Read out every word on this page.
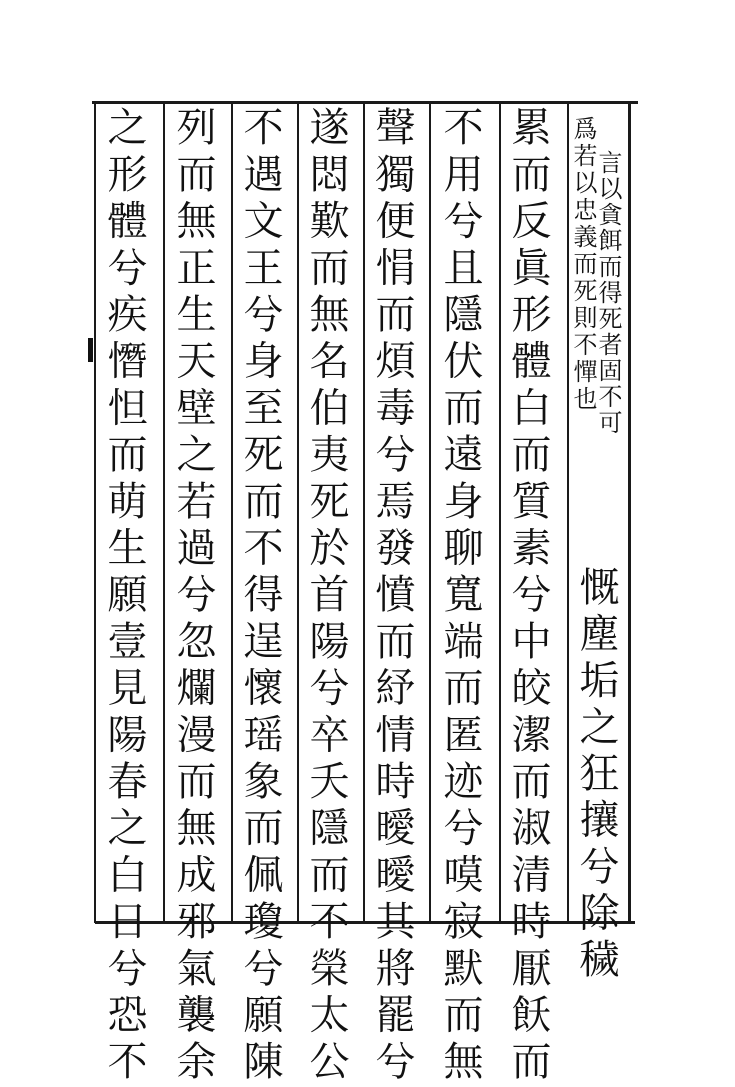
言以貪餌而得死者固不可
爲若以忠義而死則不憚也
慨塵垢之狂攘兮除穢
累而反眞形體白而質素兮中皎潔而淑清時厭飫而
不用兮且隱伏而遠身聊寬端而匿迹兮嗼寂默而無
聲獨便悁而煩毒兮焉發憤而紓情時曖曖其將罷兮
遂悶歎而無名伯夷死於首陽兮卒夭隱而不榮太公
不遇文王兮身至死而不得逞懷瑶象而佩瓊兮願陳
列而無正生天壁之若過兮忽爛漫而無成邪氣襲余
之形體兮疾憯怛而萌生願壹見陽春之白日兮恐不
